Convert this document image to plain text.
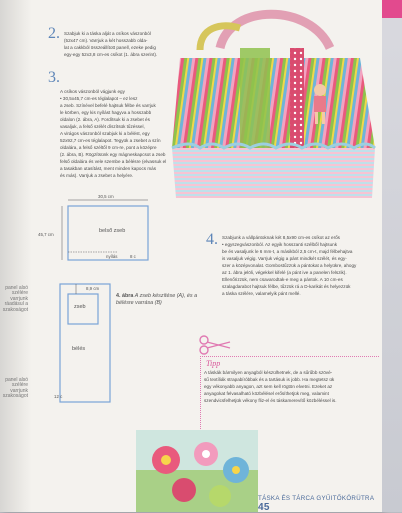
panel alsó
szélére
varrjunk
ráadásul a
szakoságot
panel alsó
szélére
varrjunk
szakoságot
2. Szabjuk ki a táska alját a csíkos vászonból

(52x47 cm). Varrjuk a két hosszabb olda-

lat a cakkból összeállított panell, ezeke pedig

egy-egy 52x3,8 cm-es csíkot (1. ábra szerint).

3.

A csíkos vászonból vágjunk egy

• 30,5x45,7 cm-es téglalapot – ez lesz

a zseb. Színével befelé hajtsuk félbe és varrjuk

le körben, egy kis nyílást hagyva a hosszabb

oldalon (2. ábra, A). Fordítsuk ki a zsebet és

vasaljuk, a felső szélét díszítsük tűzéssel,

A virágos vászonból szabjuk ki a bélést, egy

52x92,7 cm-es téglalapot. Tegyük a zsebet a szín

oldalára, a felső széltől 9 cm-re, pont a középre

(2. ábra, B). Rögzítsünk egy mágneskapcsot a zseb

felső oldalára és vele szembe a bélésre (elvassuk el

a tasakban utasítást, ment minden kapocs más

és más). Varrjuk a zsebet a helyére.

30,5 cm
45,7 cm
belső zseb
nyílás	8 c
8,9 cm
zseb
bélés
12 c
4. ábra A zseb készítése (A), és a bélésre varrása (B)
4. Szabjunk a vállpántoknak két 8,5x90 cm-es csíkot az erős

• egyszegvászonból. Az egyik hosszanti szélből hajtsunk

be és vasaljunk le 6 mm-t, a másikból 2,5 cm-t, majd félbehajtva

is vasaljuk végig. Varrjuk végig a pánt mindkét szélét, és egy-

szer a középvonalat. Gombostűzzük a pántokat a helyükre, ahogy

az 1. ábra jelöli, végekkel kifelé (a pánt ive a panelen felszik).

Ellenőrizzük, nem csavarodtak-e meg a pántok. A 10 cm-es

szalagdarabot hajtsuk félbe, tűzzük rá a D-karikát és helyezzük

a táska szélére, valamelyik pánt mellé.

Tipp
A táskák bármilyen anyagból készülhetnek, de a sűrűbb szövé-
sű textíliák strapabíróbbak és a tartásuk is jobb. Ha megtetsz ük
egy vékonyabb anyagon, azt sem kell rögtön elvetni. Ezeket az
anyagokat felvasalható közbélésel erősíthetjük meg, valamint
szendvicsfelhetjük vékony fliz-el és táskamerevítő közbéléssel is.
TÁSKA ÉS TÁRCA GYŰITŐKÖRÜTRA 45
